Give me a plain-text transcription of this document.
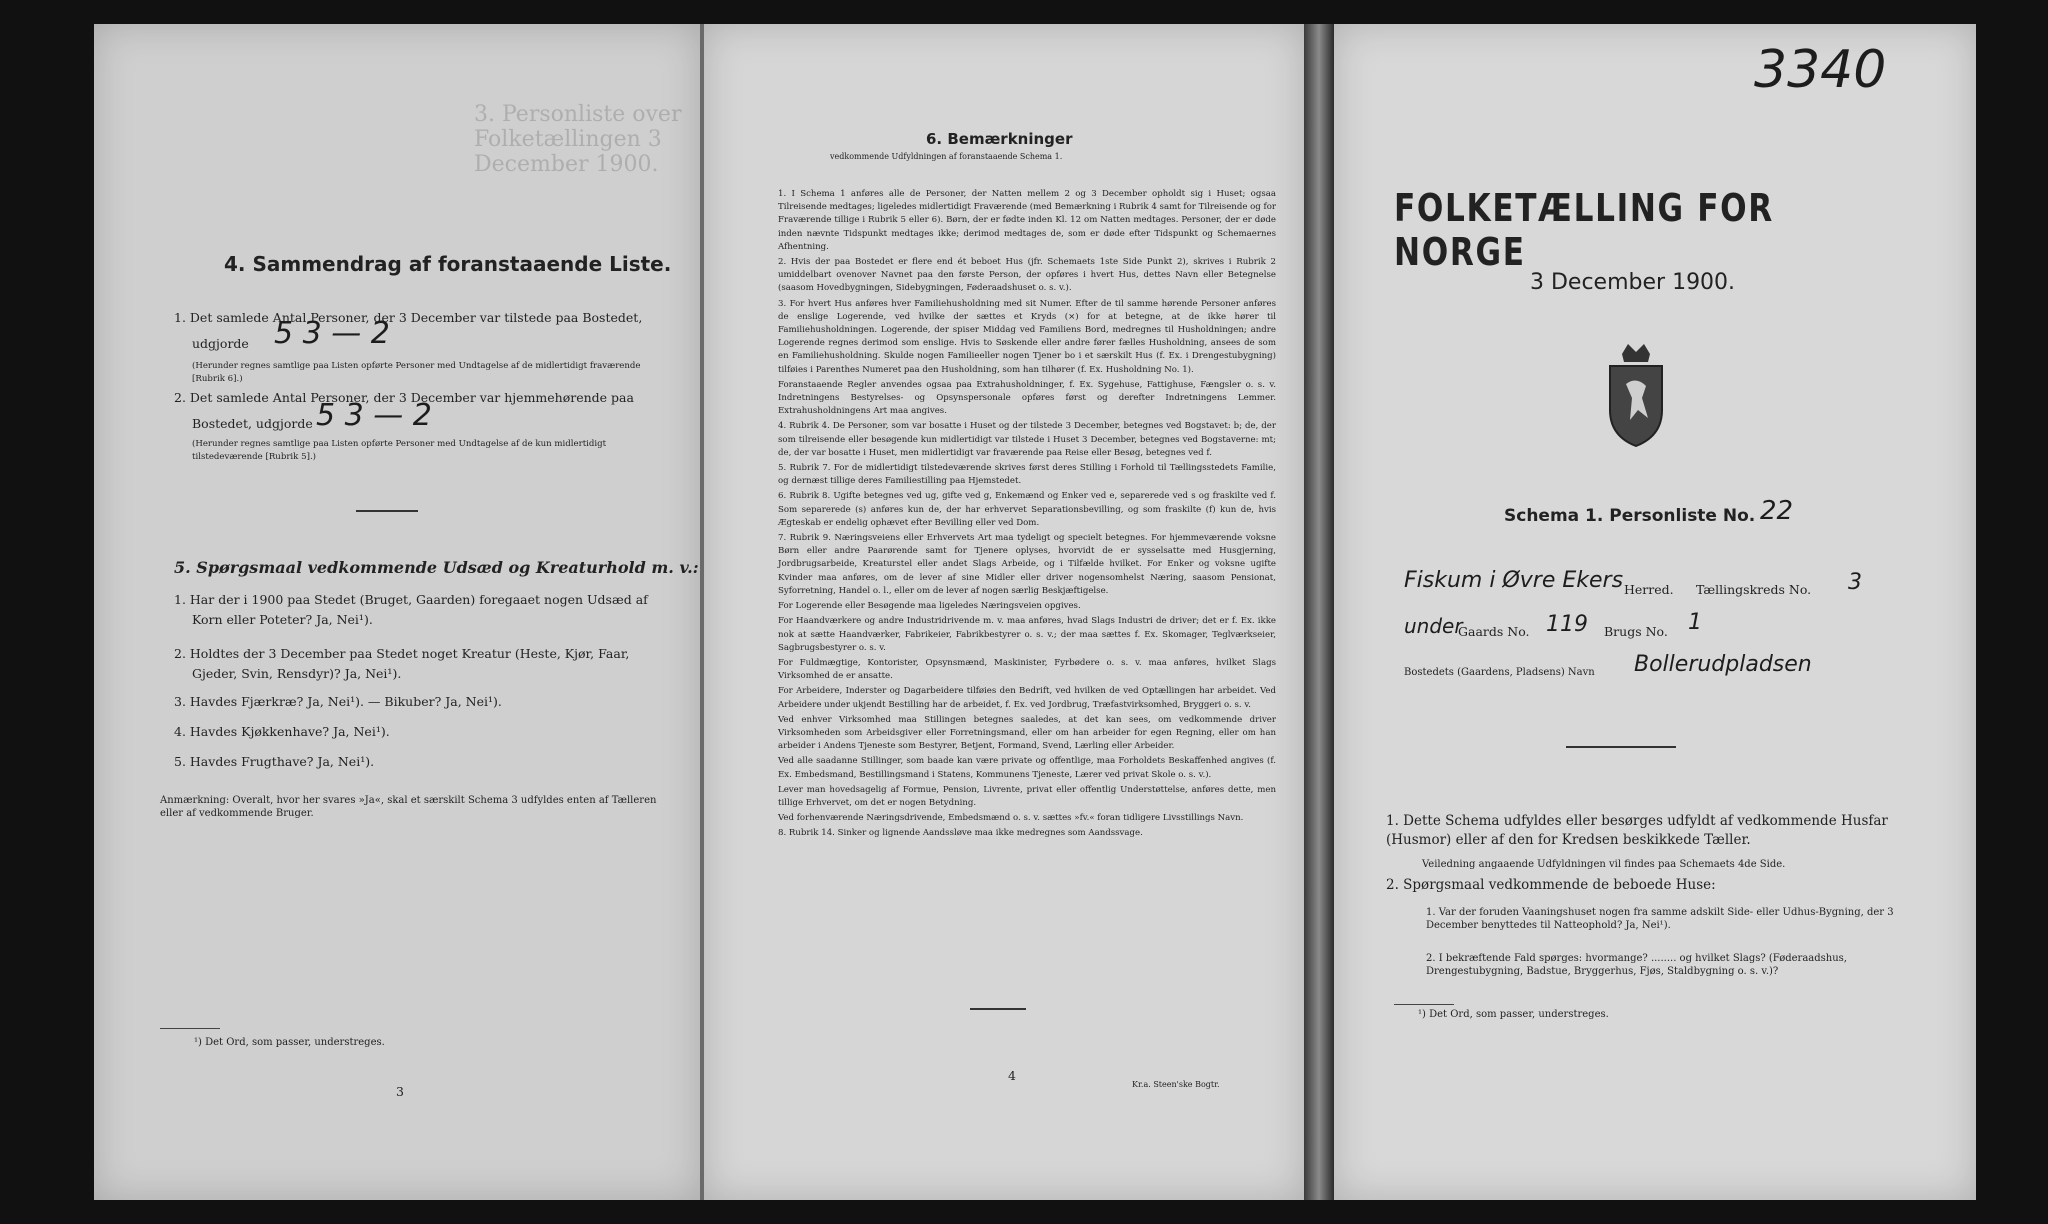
3. Personliste over Folketællingen 3 December 1900.
4. Sammendrag af foranstaaende Liste.
1. Det samlede Antal Personer, der 3 December var tilstede paa Bostedet,
udgjorde 5 3 — 2
(Herunder regnes samtlige paa Listen opførte Personer med Undtagelse af de midlertidigt fraværende [Rubrik 6].)
2. Det samlede Antal Personer, der 3 December var hjemmehørende paa
Bostedet, udgjorde 5 3 — 2
(Herunder regnes samtlige paa Listen opførte Personer med Undtagelse af de kun midlertidigt tilstedeværende [Rubrik 5].)
5. Spørgsmaal vedkommende Udsæd og Kreaturhold m. v.:
1. Har der i 1900 paa Stedet (Bruget, Gaarden) foregaaet nogen Udsæd af
Korn eller Poteter? Ja, Nei¹).
2. Holdtes der 3 December paa Stedet noget Kreatur (Heste, Kjør, Faar,
Gjeder, Svin, Rensdyr)? Ja, Nei¹).
3. Havdes Fjærkræ? Ja, Nei¹). — Bikuber? Ja, Nei¹).
4. Havdes Kjøkkenhave? Ja, Nei¹).
5. Havdes Frugthave? Ja, Nei¹).
Anmærkning: Overalt, hvor her svares »Ja«, skal et særskilt Schema 3 udfyldes enten af Tælleren eller af vedkommende Bruger.
¹) Det Ord, som passer, understreges.
3
6. Bemærkninger
vedkommende Udfyldningen af foranstaaende Schema 1.
1. I Schema 1 anføres alle de Personer, der Natten mellem 2 og 3 December opholdt sig i Huset; ogsaa Tilreisende medtages; ligeledes midlertidigt Fraværende (med Bemærkning i Rubrik 4 samt for Tilreisende og for Fraværende tillige i Rubrik 5 eller 6). Børn, der er fødte inden Kl. 12 om Natten medtages. Personer, der er døde inden nævnte Tidspunkt medtages ikke; derimod medtages de, som er døde efter Tidspunkt og Schemaernes Afhentning.
2. Hvis der paa Bostedet er flere end ét beboet Hus (jfr. Schemaets 1ste Side Punkt 2), skrives i Rubrik 2 umiddelbart ovenover Navnet paa den første Person, der opføres i hvert Hus, dettes Navn eller Betegnelse (saasom Hovedbygningen, Sidebygningen, Føderaadshuset o. s. v.).
3. For hvert Hus anføres hver Familiehusholdning med sit Numer. Efter de til samme hørende Personer anføres de enslige Logerende, ved hvilke der sættes et Kryds (×) for at betegne, at de ikke hører til Familiehusholdningen. Logerende, der spiser Middag ved Familiens Bord, medregnes til Husholdningen; andre Logerende regnes derimod som enslige. Hvis to Søskende eller andre fører fælles Husholdning, ansees de som en Familiehusholdning. Skulde nogen Familieeller nogen Tjener bo i et særskilt Hus (f. Ex. i Drengestubygning) tilføies i Parenthes Numeret paa den Husholdning, som han tilhører (f. Ex. Husholdning No. 1).
Foranstaaende Regler anvendes ogsaa paa Extrahusholdninger, f. Ex. Sygehuse, Fattighuse, Fængsler o. s. v. Indretningens Bestyrelses- og Opsynspersonale opføres først og derefter Indretningens Lemmer. Extrahusholdningens Art maa angives.
4. Rubrik 4. De Personer, som var bosatte i Huset og der tilstede 3 December, betegnes ved Bogstavet: b; de, der som tilreisende eller besøgende kun midlertidigt var tilstede i Huset 3 December, betegnes ved Bogstaverne: mt; de, der var bosatte i Huset, men midlertidigt var fraværende paa Reise eller Besøg, betegnes ved f.
5. Rubrik 7. For de midlertidigt tilstedeværende skrives først deres Stilling i Forhold til Tællingsstedets Familie, og dernæst tillige deres Familiestilling paa Hjemstedet.
6. Rubrik 8. Ugifte betegnes ved ug, gifte ved g, Enkemænd og Enker ved e, separerede ved s og fraskilte ved f. Som separerede (s) anføres kun de, der har erhvervet Separationsbevilling, og som fraskilte (f) kun de, hvis Ægteskab er endelig ophævet efter Bevilling eller ved Dom.
7. Rubrik 9. Næringsveiens eller Erhvervets Art maa tydeligt og specielt betegnes. For hjemmeværende voksne Børn eller andre Paarørende samt for Tjenere oplyses, hvorvidt de er sysselsatte med Husgjerning, Jordbrugsarbeide, Kreaturstel eller andet Slags Arbeide, og i Tilfælde hvilket. For Enker og voksne ugifte Kvinder maa anføres, om de lever af sine Midler eller driver nogensomhelst Næring, saasom Pensionat, Syforretning, Handel o. l., eller om de lever af nogen særlig Beskjæftigelse.
For Logerende eller Besøgende maa ligeledes Næringsveien opgives.
For Haandværkere og andre Industridrivende m. v. maa anføres, hvad Slags Industri de driver; det er f. Ex. ikke nok at sætte Haandværker, Fabrikeier, Fabrikbestyrer o. s. v.; der maa sættes f. Ex. Skomager, Teglværkseier, Sagbrugsbestyrer o. s. v.
For Fuldmægtige, Kontorister, Opsynsmænd, Maskinister, Fyrbødere o. s. v. maa anføres, hvilket Slags Virksomhed de er ansatte.
For Arbeidere, Inderster og Dagarbeidere tilføies den Bedrift, ved hvilken de ved Optællingen har arbeidet. Ved Arbeidere under ukjendt Bestilling har de arbeidet, f. Ex. ved Jordbrug, Træfastvirksomhed, Bryggeri o. s. v.
Ved enhver Virksomhed maa Stillingen betegnes saaledes, at det kan sees, om vedkommende driver Virksomheden som Arbeidsgiver eller Forretningsmand, eller om han arbeider for egen Regning, eller om han arbeider i Andens Tjeneste som Bestyrer, Betjent, Formand, Svend, Lærling eller Arbeider.
Ved alle saadanne Stillinger, som baade kan være private og offentlige, maa Forholdets Beskaffenhed angives (f. Ex. Embedsmand, Bestillingsmand i Statens, Kommunens Tjeneste, Lærer ved privat Skole o. s. v.).
Lever man hovedsagelig af Formue, Pension, Livrente, privat eller offentlig Understøttelse, anføres dette, men tillige Erhvervet, om det er nogen Betydning.
Ved forhenværende Næringsdrivende, Embedsmænd o. s. v. sættes »fv.« foran tidligere Livsstillings Navn.
8. Rubrik 14. Sinker og lignende Aandssløve maa ikke medregnes som Aandssvage.
4
Kr.a. Steen'ske Bogtr.
3340
FOLKETÆLLING FOR NORGE
3 December 1900.
Schema 1. Personliste No. 22
Fiskum i Øvre Ekers Herred. Tællingskreds No. 3
under
Gaards No. 119 Brugs No. 1
Bostedets (Gaardens, Pladsens) Navn Bollerudpladsen
1. Dette Schema udfyldes eller besørges udfyldt af vedkommende Husfar (Husmor) eller af den for Kredsen beskikkede Tæller.
Veiledning angaaende Udfyldningen vil findes paa Schemaets 4de Side.
2. Spørgsmaal vedkommende de beboede Huse:
1. Var der foruden Vaaningshuset nogen fra samme adskilt Side- eller Udhus-Bygning, der 3 December benyttedes til Natteophold? Ja, Nei¹).
2. I bekræftende Fald spørges: hvormange? ........ og hvilket Slags? (Føderaadshus, Drengestubygning, Badstue, Bryggerhus, Fjøs, Staldbygning o. s. v.)?
¹) Det Ord, som passer, understreges.
